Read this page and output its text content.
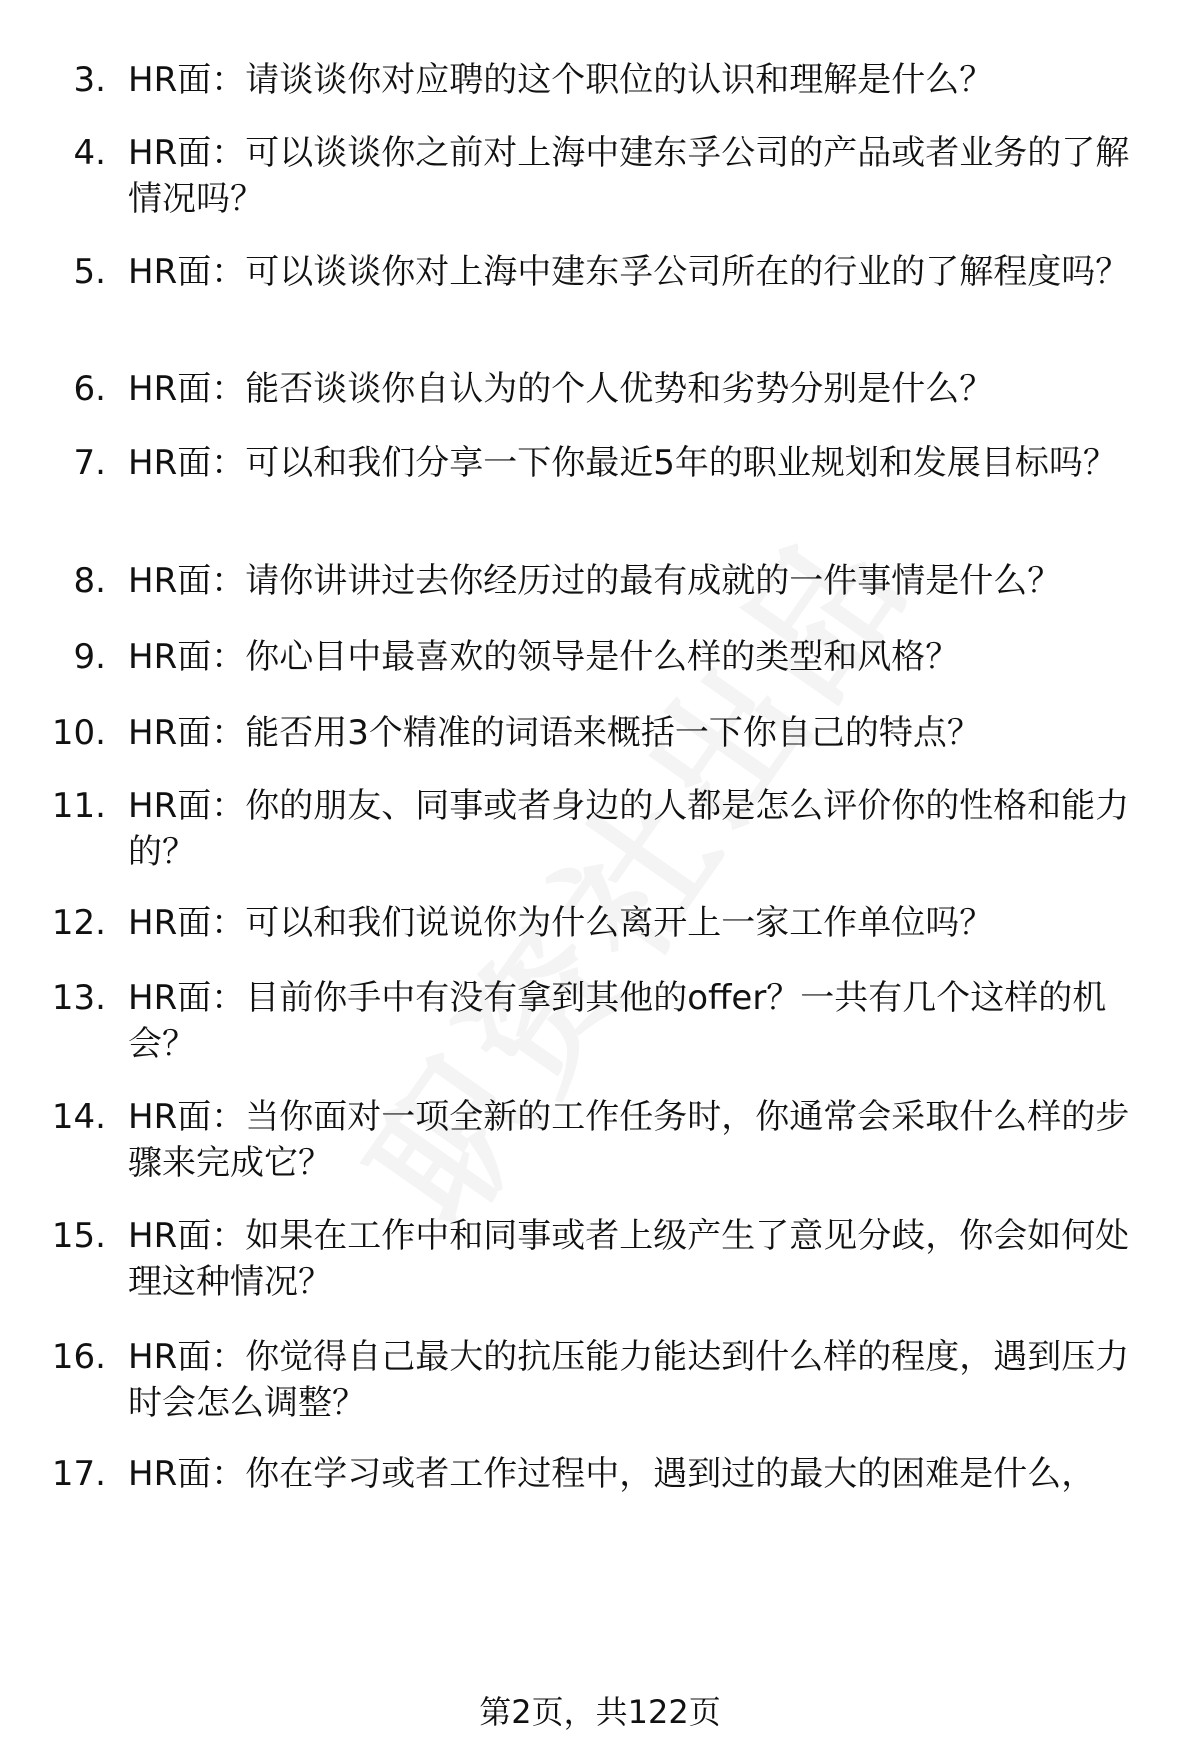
3. HR面：请谈谈你对应聘的这个职位的认识和理解是什么？
4. HR面：可以谈谈你之前对上海中建东孚公司的产品或者业务的了解情况吗？
5. HR面：可以谈谈你对上海中建东孚公司所在的行业的了解程度吗？
6. HR面：能否谈谈你自认为的个人优势和劣势分别是什么？
7. HR面：可以和我们分享一下你最近5年的职业规划和发展目标吗？
8. HR面：请你讲讲过去你经历过的最有成就的一件事情是什么？
9. HR面：你心目中最喜欢的领导是什么样的类型和风格？
10. HR面：能否用3个精准的词语来概括一下你自己的特点？
11. HR面：你的朋友、同事或者身边的人都是怎么评价你的性格和能力的？
12. HR面：可以和我们说说你为什么离开上一家工作单位吗？
13. HR面：目前你手中有没有拿到其他的offer？一共有几个这样的机会？
14. HR面：当你面对一项全新的工作任务时，你通常会采取什么样的步骤来完成它？
15. HR面：如果在工作中和同事或者上级产生了意见分歧，你会如何处理这种情况？
16. HR面：你觉得自己最大的抗压能力能达到什么样的程度，遇到压力时会怎么调整？
17. HR面：你在学习或者工作过程中，遇到过的最大的困难是什么，
第2页，共122页
